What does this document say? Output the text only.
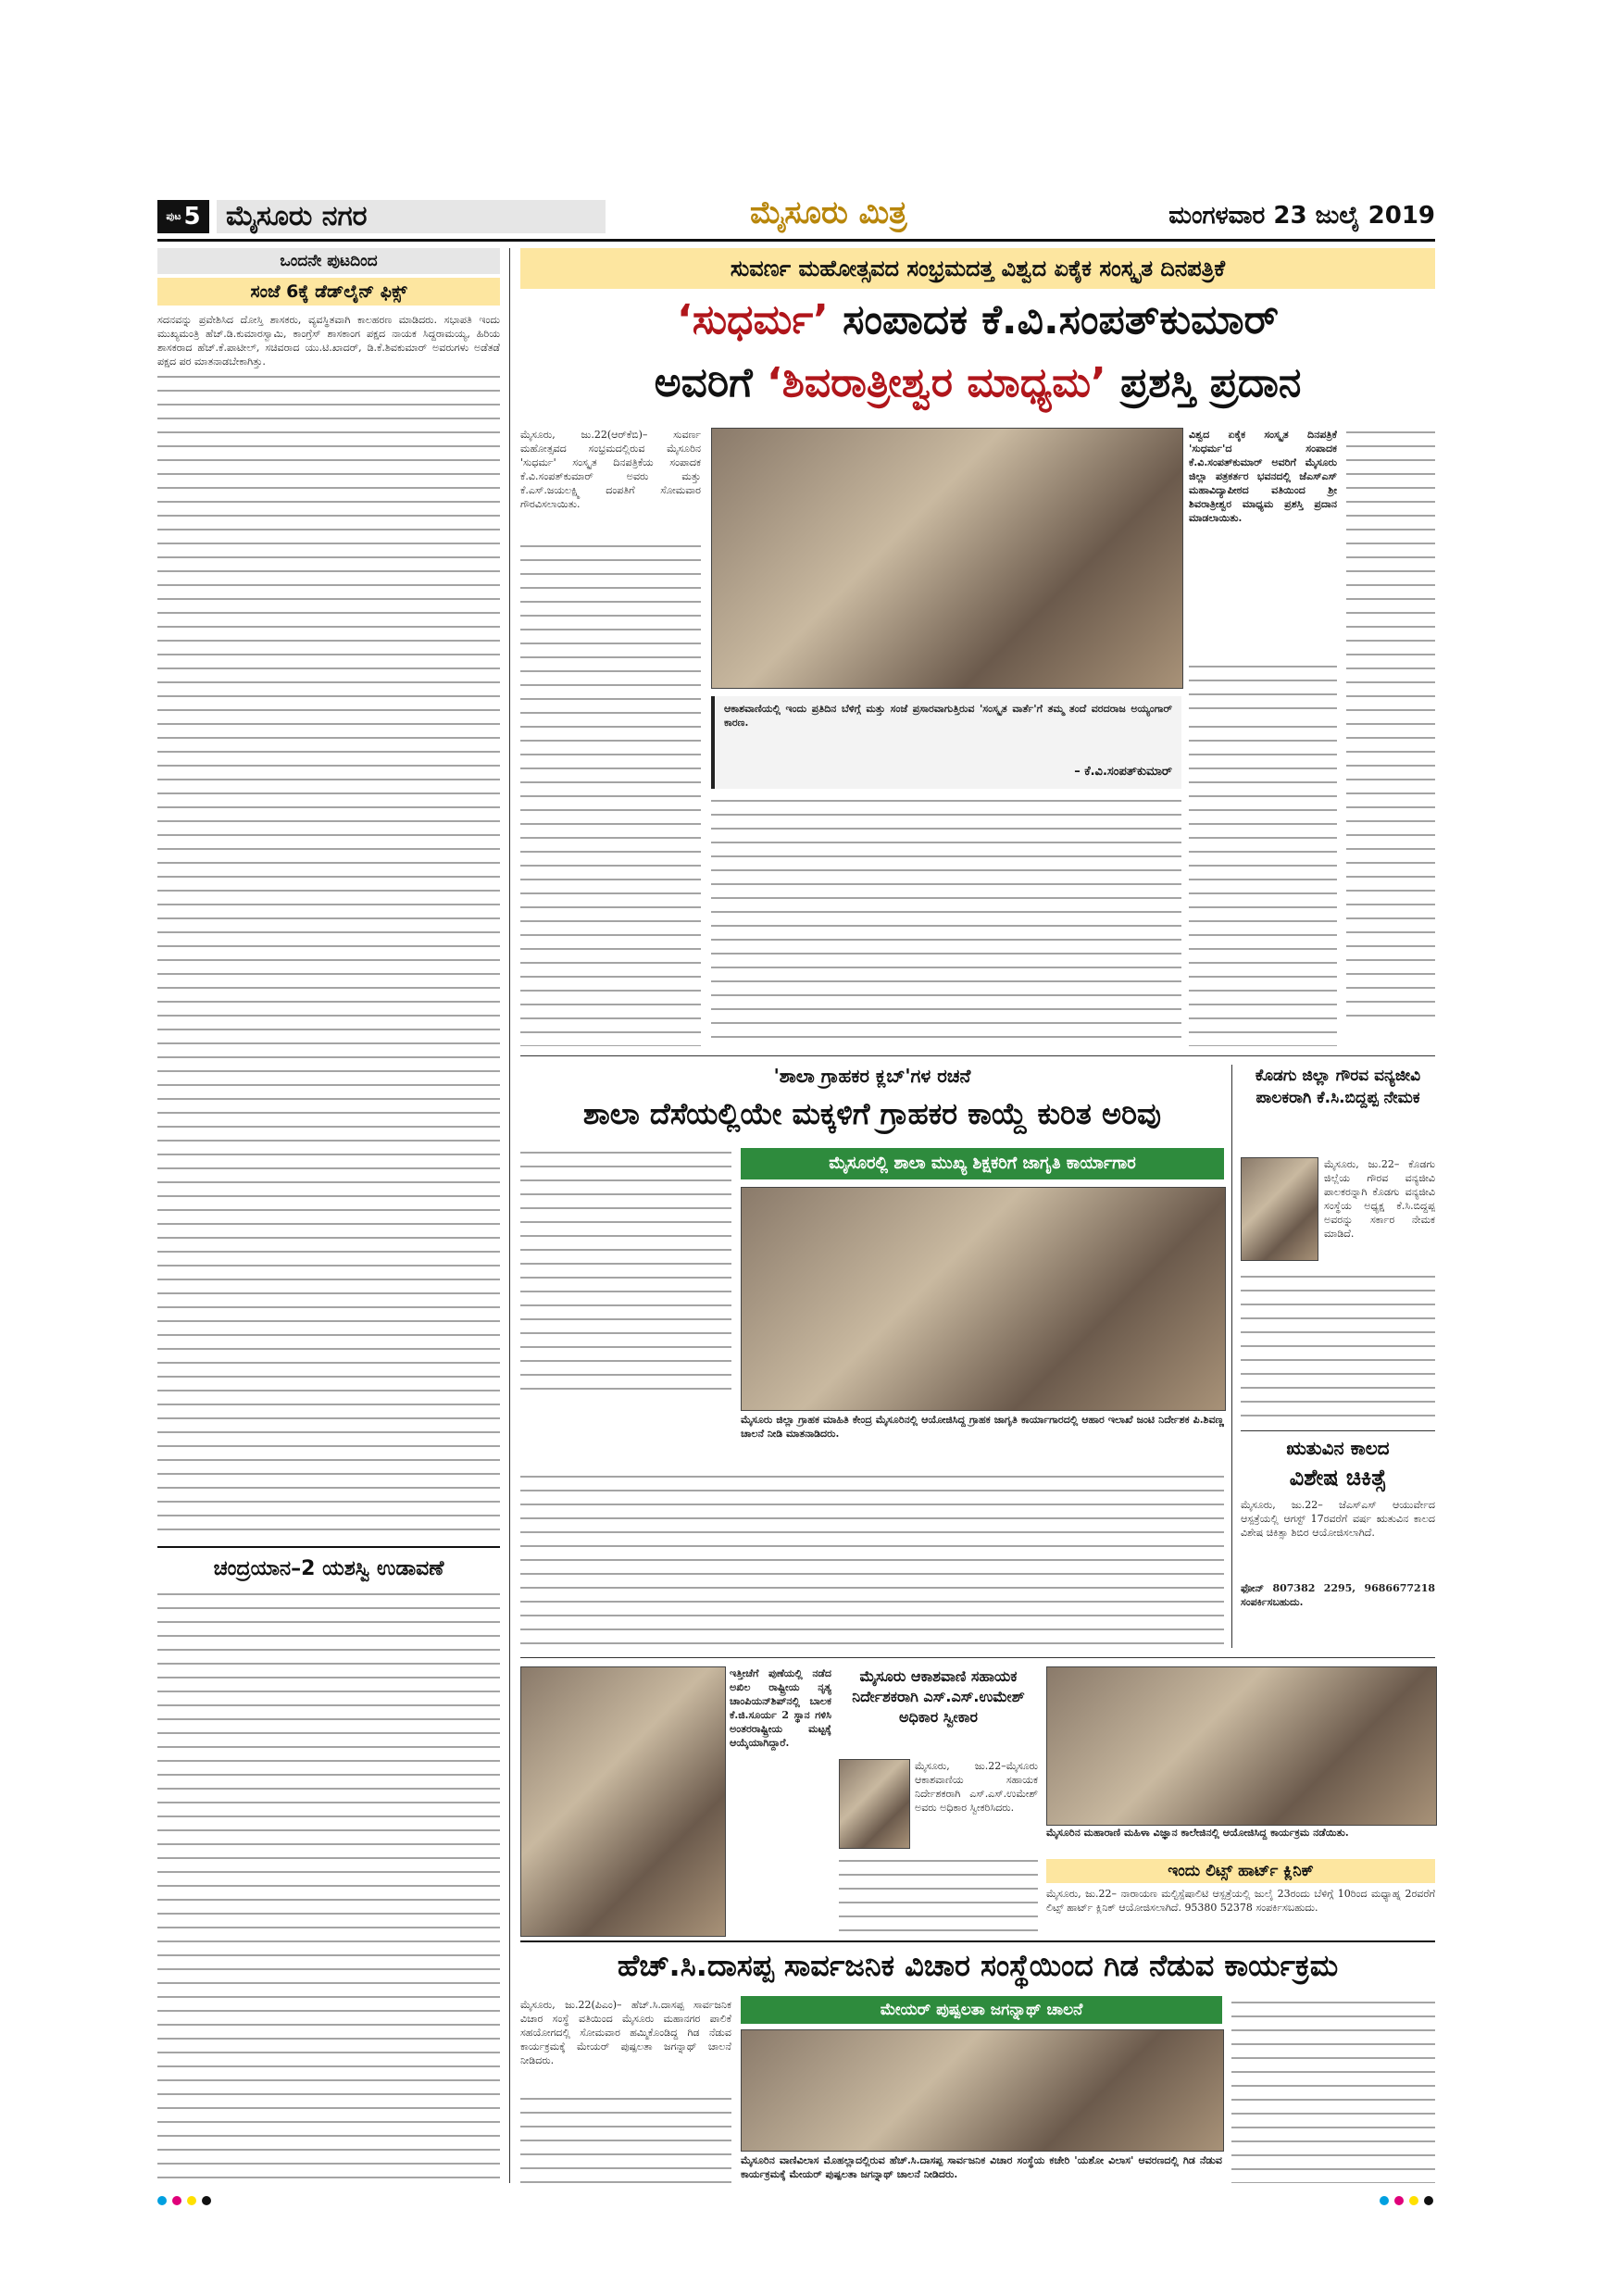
ಪುಟ 5 ಮೈಸೂರು ನಗರ	ಮೈಸೂರು ಮಿತ್ರ	ಮಂಗಳವಾರ 23 ಜುಲೈ 2019
ಒಂದನೇ ಪುಟದಿಂದ
ಸಂಜೆ 6ಕ್ಕೆ ಡೆಡ್‌ಲೈನ್ ಫಿಕ್ಸ್
ಸದನವನ್ನು ಪ್ರವೇಶಿಸಿದ ದೋಸ್ತಿ ಶಾಸಕರು, ವ್ಯವಸ್ಥಿತವಾಗಿ ಕಾಲಹರಣ ಮಾಡಿದರು. ಸಭಾಪತಿ ಇಂದು ಮುಖ್ಯಮಂತ್ರಿ ಹೆಚ್.ಡಿ.ಕುಮಾರಸ್ವಾಮಿ, ಕಾಂಗ್ರೆಸ್ ಶಾಸಕಾಂಗ ಪಕ್ಷದ ನಾಯಕ ಸಿದ್ದರಾಮಯ್ಯ, ಹಿರಿಯ ಶಾಸಕರಾದ ಹೆಚ್.ಕೆ.ಪಾಟೀಲ್, ಸಚಿವರಾದ ಯು.ಟಿ.ಖಾದರ್, ಡಿ.ಕೆ.ಶಿವಕುಮಾರ್ ಅವರುಗಳು ಅಡೆತಡೆ ಪಕ್ಷದ ಪರ ಮಾತನಾಡಬೇಕಾಗಿತ್ತು.
ಚಂದ್ರಯಾನ–2 ಯಶಸ್ವಿ ಉಡಾವಣೆ
ಸುವರ್ಣ ಮಹೋತ್ಸವದ ಸಂಭ್ರಮದತ್ತ ವಿಶ್ವದ ಏಕೈಕ ಸಂಸ್ಕೃತ ದಿನಪತ್ರಿಕೆ
‘ಸುಧರ್ಮ’ ಸಂಪಾದಕ ಕೆ.ವಿ.ಸಂಪತ್‌ಕುಮಾರ್
ಅವರಿಗೆ ‘ಶಿವರಾತ್ರೀಶ್ವರ ಮಾಧ್ಯಮ’ ಪ್ರಶಸ್ತಿ ಪ್ರದಾನ
ಮೈಸೂರು, ಜು.22(ಆರ್‌ಕೆಬಿ)– ಸುವರ್ಣ ಮಹೋತ್ಸವದ ಸಂಭ್ರಮದಲ್ಲಿರುವ ಮೈಸೂರಿನ 'ಸುಧರ್ಮ' ಸಂಸ್ಕೃತ ದಿನಪತ್ರಿಕೆಯ ಸಂಪಾದಕ ಕೆ.ವಿ.ಸಂಪತ್‌ಕುಮಾರ್ ಅವರು ಮತ್ತು ಕೆ.ಎಸ್.ಜಯಲಕ್ಷ್ಮಿ ದಂಪತಿಗೆ ಸೋಮವಾರ ಗೌರವಿಸಲಾಯಿತು.
ವಿಶ್ವದ ಏಕೈಕ ಸಂಸ್ಕೃತ ದಿನಪತ್ರಿಕೆ 'ಸುಧರ್ಮ'ದ ಸಂಪಾದಕ ಕೆ.ವಿ.ಸಂಪತ್‌ಕುಮಾರ್ ಅವರಿಗೆ ಮೈಸೂರು ಜಿಲ್ಲಾ ಪತ್ರಕರ್ತರ ಭವನದಲ್ಲಿ ಜೆಎಸ್ಎಸ್ ಮಹಾವಿದ್ಯಾಪೀಠದ ವತಿಯಿಂದ ಶ್ರೀ ಶಿವರಾತ್ರೀಶ್ವರ ಮಾಧ್ಯಮ ಪ್ರಶಸ್ತಿ ಪ್ರದಾನ ಮಾಡಲಾಯಿತು.
ಆಕಾಶವಾಣಿಯಲ್ಲಿ ಇಂದು ಪ್ರತಿದಿನ ಬೆಳಿಗ್ಗೆ ಮತ್ತು ಸಂಜೆ ಪ್ರಸಾರವಾಗುತ್ತಿರುವ 'ಸಂಸ್ಕೃತ ವಾರ್ತೆ'ಗೆ ತಮ್ಮ ತಂದೆ ವರದರಾಜ ಅಯ್ಯಂಗಾರ್ ಕಾರಣ.
– ಕೆ.ವಿ.ಸಂಪತ್‌ಕುಮಾರ್
'ಶಾಲಾ ಗ್ರಾಹಕರ ಕ್ಲಬ್'ಗಳ ರಚನೆ
ಶಾಲಾ ದೆಸೆಯಲ್ಲಿಯೇ ಮಕ್ಕಳಿಗೆ ಗ್ರಾಹಕರ ಕಾಯ್ದೆ ಕುರಿತ ಅರಿವು
ಮೈಸೂರಲ್ಲಿ ಶಾಲಾ ಮುಖ್ಯ ಶಿಕ್ಷಕರಿಗೆ ಜಾಗೃತಿ ಕಾರ್ಯಾಗಾರ
ಮೈಸೂರು ಜಿಲ್ಲಾ ಗ್ರಾಹಕ ಮಾಹಿತಿ ಕೇಂದ್ರ ಮೈಸೂರಿನಲ್ಲಿ ಆಯೋಜಿಸಿದ್ದ ಗ್ರಾಹಕ ಜಾಗೃತಿ ಕಾರ್ಯಾಗಾರದಲ್ಲಿ ಆಹಾರ ಇಲಾಖೆ ಜಂಟಿ ನಿರ್ದೇಶಕ ಪಿ.ಶಿವಣ್ಣ ಚಾಲನೆ ನೀಡಿ ಮಾತನಾಡಿದರು.
ಕೊಡಗು ಜಿಲ್ಲಾ ಗೌರವ ವನ್ಯಜೀವಿ ಪಾಲಕರಾಗಿ ಕೆ.ಸಿ.ಬಿದ್ದಪ್ಪ ನೇಮಕ
ಮೈಸೂರು, ಜು.22– ಕೊಡಗು ಜಿಲ್ಲೆಯ ಗೌರವ ವನ್ಯಜೀವಿ ಪಾಲಕರನ್ನಾಗಿ ಕೊಡಗು ವನ್ಯಜೀವಿ ಸಂಸ್ಥೆಯ ಅಧ್ಯಕ್ಷ ಕೆ.ಸಿ.ಬಿದ್ದಪ್ಪ ಅವರನ್ನು ಸರ್ಕಾರ ನೇಮಕ ಮಾಡಿದೆ.
ಋತುವಿನ ಕಾಲದ
ವಿಶೇಷ ಚಿಕಿತ್ಸೆ
ಮೈಸೂರು, ಜು.22– ಜೆಎಸ್ಎಸ್ ಆಯುರ್ವೇದ ಆಸ್ಪತ್ರೆಯಲ್ಲಿ ಆಗಸ್ಟ್ 17ರವರೆಗೆ ವರ್ಷ ಋತುವಿನ ಕಾಲದ ವಿಶೇಷ ಚಿಕಿತ್ಸಾ ಶಿಬಿರ ಆಯೋಜಿಸಲಾಗಿದೆ.
ಫೋನ್ 807382 2295, 9686677218 ಸಂಪರ್ಕಿಸಬಹುದು.
ಇತ್ತೀಚೆಗೆ ಪುಣೆಯಲ್ಲಿ ನಡೆದ ಅಖಿಲ ರಾಷ್ಟ್ರೀಯ ನೃತ್ಯ ಚಾಂಪಿಯನ್‌ಶಿಪ್‌ನಲ್ಲಿ ಬಾಲಕ ಕೆ.ಜಿ.ಸೂರ್ಯ 2 ಸ್ಥಾನ ಗಳಿಸಿ ಅಂತರರಾಷ್ಟ್ರೀಯ ಮಟ್ಟಕ್ಕೆ ಆಯ್ಕೆಯಾಗಿದ್ದಾರೆ.
ಮೈಸೂರು ಆಕಾಶವಾಣಿ ಸಹಾಯಕ ನಿರ್ದೇಶಕರಾಗಿ ಎಸ್.ಎಸ್.ಉಮೇಶ್ ಅಧಿಕಾರ ಸ್ವೀಕಾರ
ಮೈಸೂರು, ಜು.22–ಮೈಸೂರು ಆಕಾಶವಾಣಿಯ ಸಹಾಯಕ ನಿರ್ದೇಶಕರಾಗಿ ಎಸ್.ಎಸ್.ಉಮೇಶ್ ಅವರು ಅಧಿಕಾರ ಸ್ವೀಕರಿಸಿದರು.
ಮೈಸೂರಿನ ಮಹಾರಾಣಿ ಮಹಿಳಾ ವಿಜ್ಞಾನ ಕಾಲೇಜಿನಲ್ಲಿ ಆಯೋಜಿಸಿದ್ದ ಕಾರ್ಯಕ್ರಮ ನಡೆಯಿತು.
ಇಂದು ಲಿಟ್ಸ್ ಹಾರ್ಟ್ ಕ್ಲಿನಿಕ್
ಮೈಸೂರು, ಜು.22– ನಾರಾಯಣ ಮಲ್ಟಿಸ್ಪೆಷಾಲಿಟಿ ಆಸ್ಪತ್ರೆಯಲ್ಲಿ ಜುಲೈ 23ರಂದು ಬೆಳಿಗ್ಗೆ 10ರಿಂದ ಮಧ್ಯಾಹ್ನ 2ರವರೆಗೆ ಲಿಟ್ಸ್ ಹಾರ್ಟ್ ಕ್ಲಿನಿಕ್ ಆಯೋಜಿಸಲಾಗಿದೆ. 95380 52378 ಸಂಪರ್ಕಿಸಬಹುದು.
ಹೆಚ್.ಸಿ.ದಾಸಪ್ಪ ಸಾರ್ವಜನಿಕ ವಿಚಾರ ಸಂಸ್ಥೆಯಿಂದ ಗಿಡ ನೆಡುವ ಕಾರ್ಯಕ್ರಮ
ಮೇಯರ್ ಪುಷ್ಪಲತಾ ಜಗನ್ನಾಥ್ ಚಾಲನೆ
ಮೈಸೂರು, ಜು.22(ಪಿಎಂ)– ಹೆಚ್.ಸಿ.ದಾಸಪ್ಪ ಸಾರ್ವಜನಿಕ ವಿಚಾರ ಸಂಸ್ಥೆ ವತಿಯಿಂದ ಮೈಸೂರು ಮಹಾನಗರ ಪಾಲಿಕೆ ಸಹಯೋಗದಲ್ಲಿ ಸೋಮವಾರ ಹಮ್ಮಿಕೊಂಡಿದ್ದ ಗಿಡ ನೆಡುವ ಕಾರ್ಯಕ್ರಮಕ್ಕೆ ಮೇಯರ್ ಪುಷ್ಪಲತಾ ಜಗನ್ನಾಥ್ ಚಾಲನೆ ನೀಡಿದರು.
ಮೈಸೂರಿನ ವಾಣಿವಿಲಾಸ ಮೊಹಲ್ಲಾದಲ್ಲಿರುವ ಹೆಚ್.ಸಿ.ದಾಸಪ್ಪ ಸಾರ್ವಜನಿಕ ವಿಚಾರ ಸಂಸ್ಥೆಯ ಕಚೇರಿ 'ಯಶೋ ವಿಲಾಸ' ಆವರಣದಲ್ಲಿ ಗಿಡ ನೆಡುವ ಕಾರ್ಯಕ್ರಮಕ್ಕೆ ಮೇಯರ್ ಪುಷ್ಪಲತಾ ಜಗನ್ನಾಥ್ ಚಾಲನೆ ನೀಡಿದರು.
